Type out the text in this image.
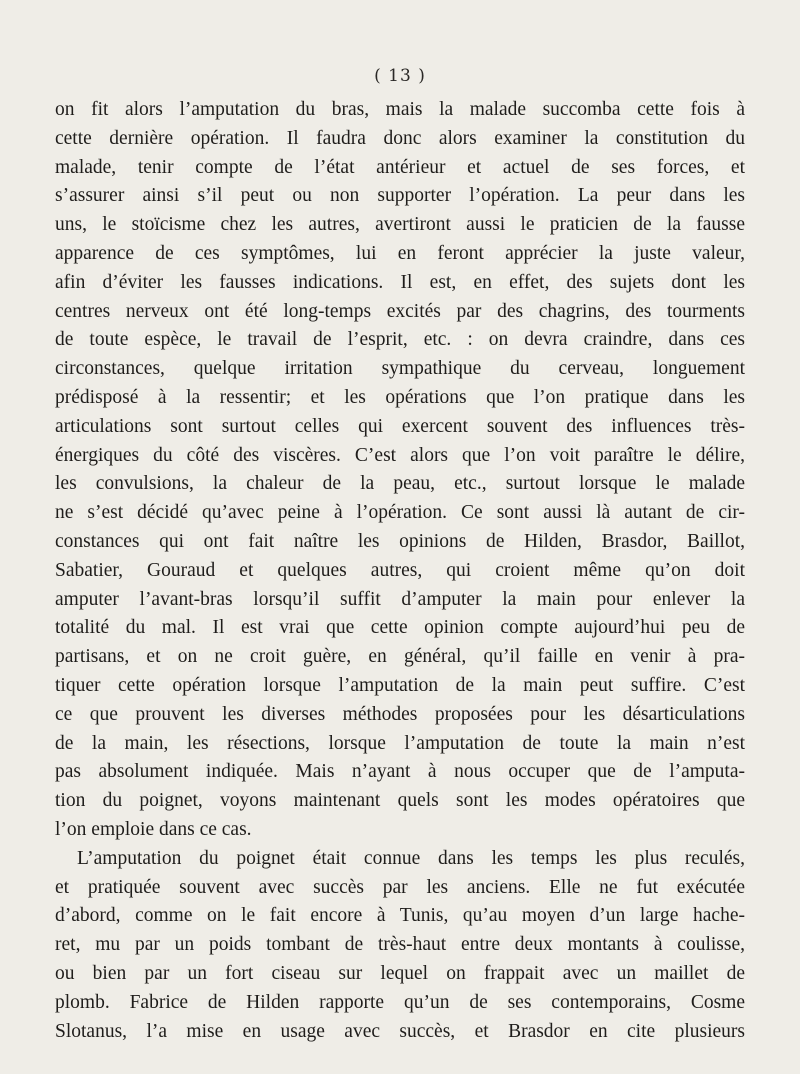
( 13 )
on fit alors l’amputation du bras, mais la malade succomba cette fois à
cette dernière opération. Il faudra donc alors examiner la constitution du
malade, tenir compte de l’état antérieur et actuel de ses forces, et
s’assurer ainsi s’il peut ou non supporter l’opération. La peur dans les
uns, le stoïcisme chez les autres, avertiront aussi le praticien de la fausse
apparence de ces symptômes, lui en feront apprécier la juste valeur,
afin d’éviter les fausses indications. Il est, en effet, des sujets dont les
centres nerveux ont été long-temps excités par des chagrins, des tourments
de toute espèce, le travail de l’esprit, etc. : on devra craindre, dans ces
circonstances, quelque irritation sympathique du cerveau, longuement
prédisposé à la ressentir; et les opérations que l’on pratique dans les
articulations sont surtout celles qui exercent souvent des influences très-
énergiques du côté des viscères. C’est alors que l’on voit paraître le délire,
les convulsions, la chaleur de la peau, etc., surtout lorsque le malade
ne s’est décidé qu’avec peine à l’opération. Ce sont aussi là autant de cir-
constances qui ont fait naître les opinions de Hilden, Brasdor, Baillot,
Sabatier, Gouraud et quelques autres, qui croient même qu’on doit
amputer l’avant-bras lorsqu’il suffit d’amputer la main pour enlever la
totalité du mal. Il est vrai que cette opinion compte aujourd’hui peu de
partisans, et on ne croit guère, en général, qu’il faille en venir à pra-
tiquer cette opération lorsque l’amputation de la main peut suffire. C’est
ce que prouvent les diverses méthodes proposées pour les désarticulations
de la main, les résections, lorsque l’amputation de toute la main n’est
pas absolument indiquée. Mais n’ayant à nous occuper que de l’amputa-
tion du poignet, voyons maintenant quels sont les modes opératoires que
l’on emploie dans ce cas.
L’amputation du poignet était connue dans les temps les plus reculés,
et pratiquée souvent avec succès par les anciens. Elle ne fut exécutée
d’abord, comme on le fait encore à Tunis, qu’au moyen d’un large hache-
ret, mu par un poids tombant de très-haut entre deux montants à coulisse,
ou bien par un fort ciseau sur lequel on frappait avec un maillet de
plomb. Fabrice de Hilden rapporte qu’un de ses contemporains, Cosme
Slotanus, l’a mise en usage avec succès, et Brasdor en cite plusieurs
